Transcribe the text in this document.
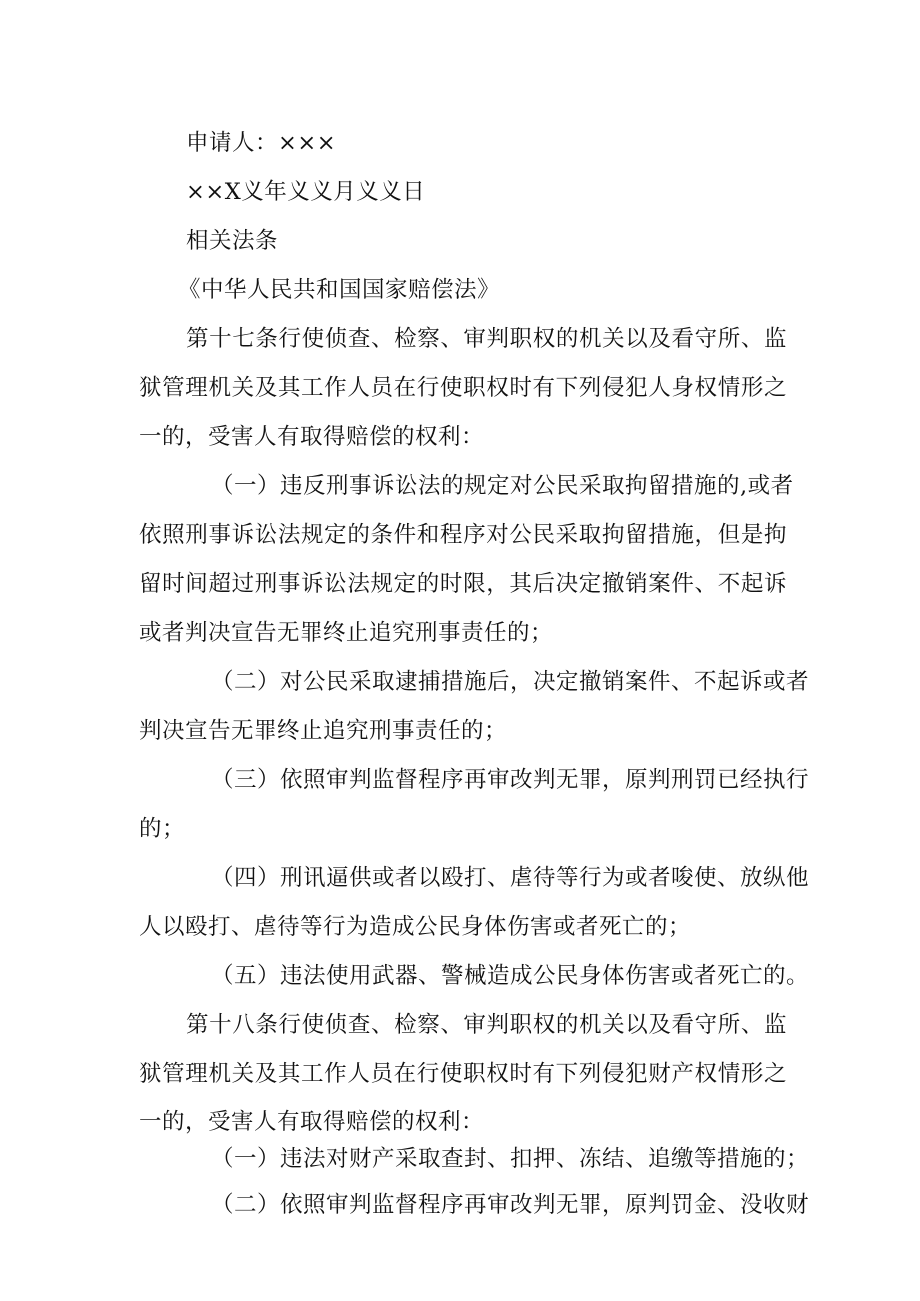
申请人：×××
××X义年义义月义义日
相关法条
《中华人民共和国国家赔偿法》
第十七条行使侦查、检察、审判职权的机关以及看守所、监
狱管理机关及其工作人员在行使职权时有下列侵犯人身权情形之
一的，受害人有取得赔偿的权利：
（一）违反刑事诉讼法的规定对公民采取拘留措施的,或者
依照刑事诉讼法规定的条件和程序对公民采取拘留措施，但是拘
留时间超过刑事诉讼法规定的时限，其后决定撤销案件、不起诉
或者判决宣告无罪终止追究刑事责任的；
（二）对公民采取逮捕措施后，决定撤销案件、不起诉或者
判决宣告无罪终止追究刑事责任的；
（三）依照审判监督程序再审改判无罪，原判刑罚已经执行
的；
（四）刑讯逼供或者以殴打、虐待等行为或者唆使、放纵他
人以殴打、虐待等行为造成公民身体伤害或者死亡的；
（五）违法使用武器、警械造成公民身体伤害或者死亡的。
第十八条行使侦查、检察、审判职权的机关以及看守所、监
狱管理机关及其工作人员在行使职权时有下列侵犯财产权情形之
一的，受害人有取得赔偿的权利：
（一）违法对财产采取查封、扣押、冻结、追缴等措施的；
（二）依照审判监督程序再审改判无罪，原判罚金、没收财
